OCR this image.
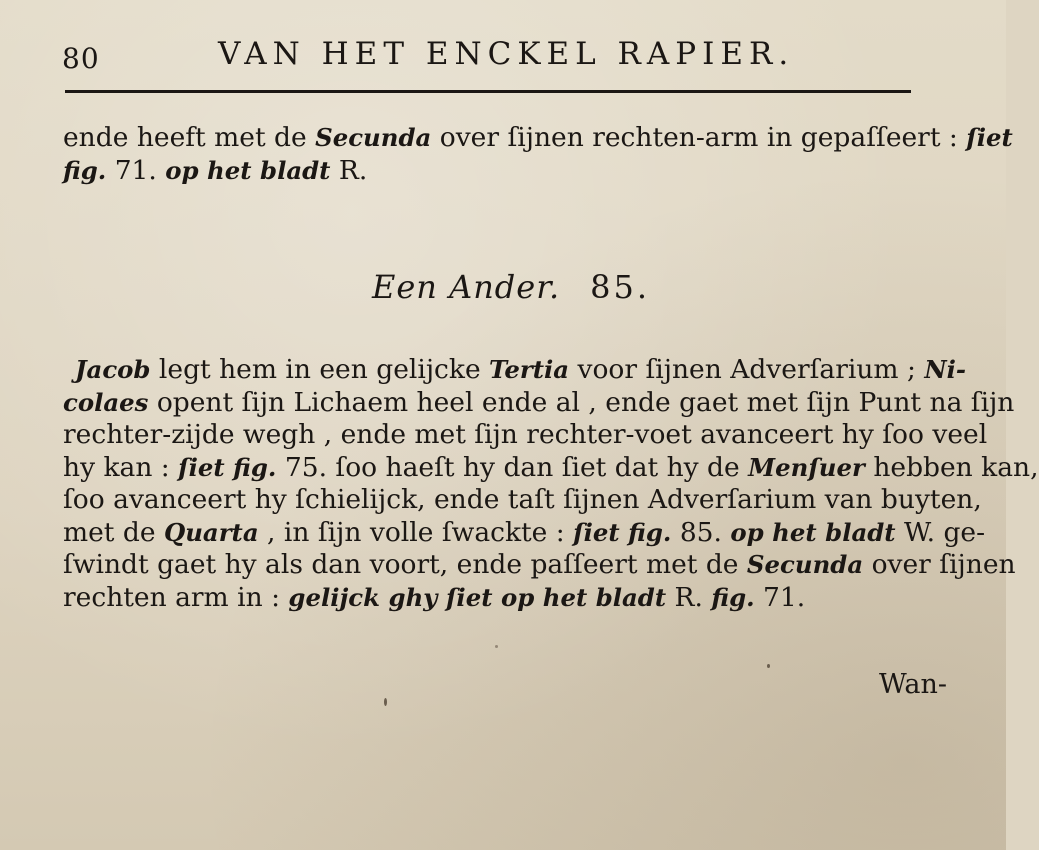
80	VAN HET ENCKEL RAPIER.
ende heeft met de Secunda over ſijnen rechten-arm in gepaſſeert : ſiet
fig. 71. op het bladt R.
Een Ander. 85.
Jacob legt hem in een gelijcke Tertia voor ſijnen Adverſarium ; Ni-
colaes opent ſijn Lichaem heel ende al , ende gaet met ſijn Punt na ſijn
rechter-zijde wegh , ende met ſijn rechter-voet avanceert hy ſoo veel
hy kan : ſiet fig. 75. ſoo haeſt hy dan ſiet dat hy de Menſuer hebben kan,
ſoo avanceert hy ſchielijck, ende taſt ſijnen Adverſarium van buyten,
met de Quarta , in ſijn volle ſwackte : ſiet fig. 85. op het bladt W. ge-
ſwindt gaet hy als dan voort, ende paſſeert met de Secunda over ſijnen
rechten arm in : gelijck ghy ſiet op het bladt R. fig. 71.
Wan-
